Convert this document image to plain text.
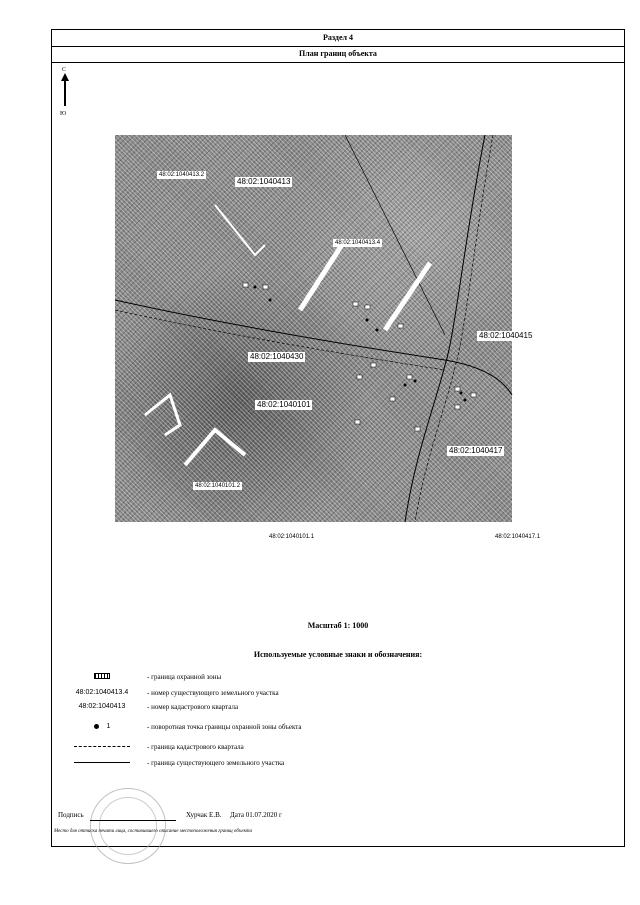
Раздел 4
План границ объекта
С
Ю
48:02:1040413.2
48:02:1040413
48:02:1040413.4
48:02:1040415
48:02:1040430
48:02:1040101
48:02:1040417
48:02:1040101.2
48:02:1040101.1	48:02:1040417.1
Масштаб 1: 1000
Используемые условные знаки и обозначения:
- граница охранной зоны
48:02:1040413.4	- номер существующего земельного участка
48:02:1040413	- номер кадастрового квартала
1	- поворотная точка границы охранной зоны объекта
- граница кадастрового квартала
- граница существующего земельного участка
Подпись	Хурчак Е.В. Дата 01.07.2020 г
Место для оттиска печати лица, составившего описание местоположения границ объекта
